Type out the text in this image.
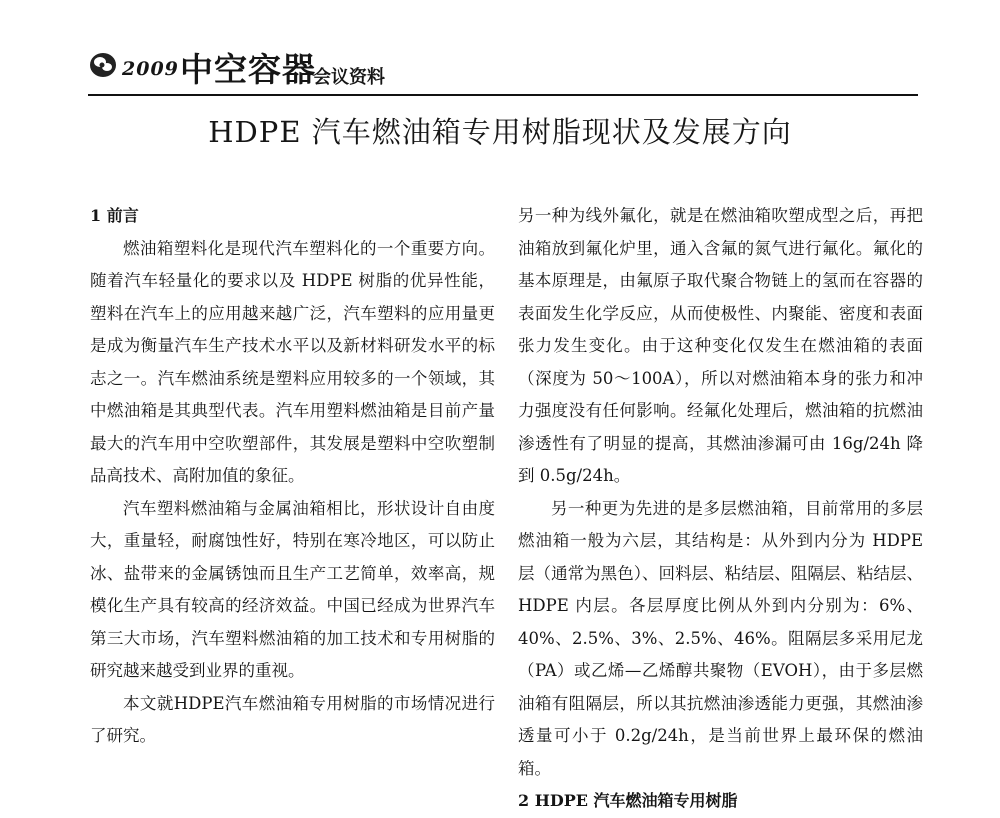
2009 中空容器
会议资料
HDPE 汽车燃油箱专用树脂现状及发展方向

1 前言

燃油箱塑料化是现代汽车塑料化的一个重要方向。随着汽车轻量化的要求以及 HDPE 树脂的优异性能，塑料在汽车上的应用越来越广泛，汽车塑料的应用量更是成为衡量汽车生产技术水平以及新材料研发水平的标志之一。汽车燃油系统是塑料应用较多的一个领域，其中燃油箱是其典型代表。汽车用塑料燃油箱是目前产量最大的汽车用中空吹塑部件，其发展是塑料中空吹塑制品高技术、高附加值的象征。

汽车塑料燃油箱与金属油箱相比，形状设计自由度大，重量轻，耐腐蚀性好，特别在寒冷地区，可以防止冰、盐带来的金属锈蚀而且生产工艺简单，效率高，规模化生产具有较高的经济效益。中国已经成为世界汽车第三大市场，汽车塑料燃油箱的加工技术和专用树脂的研究越来越受到业界的重视。

本文就HDPE汽车燃油箱专用树脂的市场情况进行了研究。

另一种为线外氟化，就是在燃油箱吹塑成型之后，再把油箱放到氟化炉里，通入含氟的氮气进行氟化。氟化的基本原理是，由氟原子取代聚合物链上的氢而在容器的表面发生化学反应，从而使极性、内聚能、密度和表面张力发生变化。由于这种变化仅发生在燃油箱的表面（深度为 50～100A），所以对燃油箱本身的张力和冲力强度没有任何影响。经氟化处理后，燃油箱的抗燃油渗透性有了明显的提高，其燃油渗漏可由 16g/24h 降到 0.5g/24h。

另一种更为先进的是多层燃油箱，目前常用的多层燃油箱一般为六层，其结构是：从外到内分为 HDPE 层（通常为黑色）、回料层、粘结层、阻隔层、粘结层、HDPE 内层。各层厚度比例从外到内分别为：6%、40%、2.5%、3%、2.5%、46%。阻隔层多采用尼龙（PA）或乙烯—乙烯醇共聚物（EVOH），由于多层燃油箱有阻隔层，所以其抗燃油渗透能力更强，其燃油渗透量可小于 0.2g/24h，是当前世界上最环保的燃油箱。

2 HDPE 汽车燃油箱专用树脂
